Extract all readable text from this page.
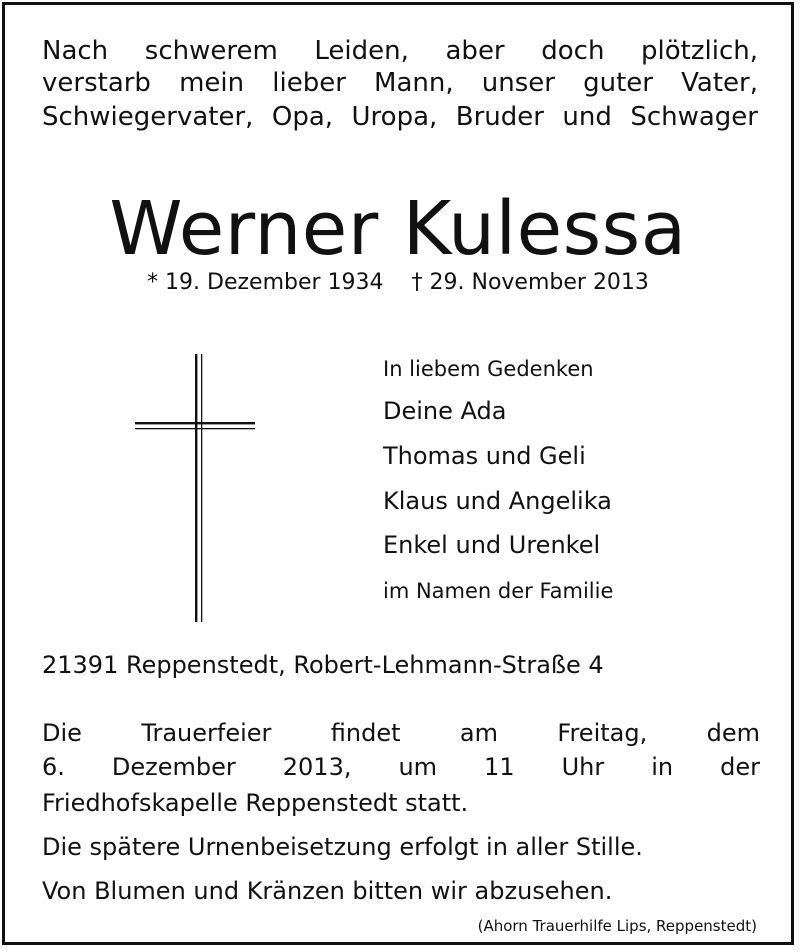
Nach schwerem Leiden, aber doch plötzlich,
verstarb mein lieber Mann, unser guter Vater,
Schwiegervater, Opa, Uropa, Bruder und Schwager
Werner Kulessa
* 19. Dezember 1934    † 29. November 2013
In liebem Gedenken
Deine Ada
Thomas und Geli
Klaus und Angelika
Enkel und Urenkel
im Namen der Familie
21391 Reppenstedt, Robert-Lehmann-Straße 4
Die Trauerfeier findet am Freitag, dem
6. Dezember 2013, um 11 Uhr in der
Friedhofskapelle Reppenstedt statt.
Die spätere Urnenbeisetzung erfolgt in aller Stille.
Von Blumen und Kränzen bitten wir abzusehen.
(Ahorn Trauerhilfe Lips, Reppenstedt)
